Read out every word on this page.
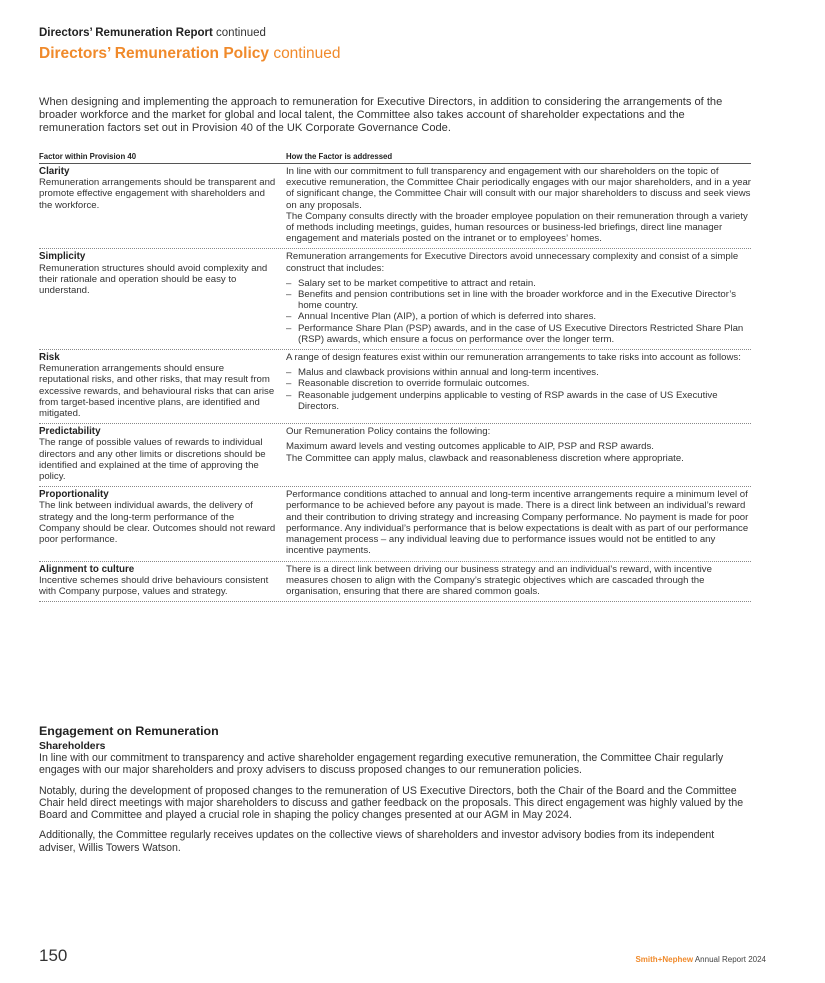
Directors’ Remuneration Report continued
Directors’ Remuneration Policy continued
When designing and implementing the approach to remuneration for Executive Directors, in addition to considering the arrangements of the broader workforce and the market for global and local talent, the Committee also takes account of shareholder expectations and the remuneration factors set out in Provision 40 of the UK Corporate Governance Code.
Factor within Provision 40	How the Factor is addressed
Clarity
Remuneration arrangements should be transparent and promote effective engagement with shareholders and the workforce.

In line with our commitment to full transparency and engagement with our shareholders on the topic of executive remuneration, the Committee Chair periodically engages with our major shareholders, and in a year of significant change, the Committee Chair will consult with our major shareholders to discuss and seek views on any proposals.

The Company consults directly with the broader employee population on their remuneration through a variety of methods including meetings, guides, human resources or business-led briefings, direct line manager engagement and materials posted on the intranet or to employees’ homes.

Simplicity
Remuneration structures should avoid complexity and their rationale and operation should be easy to understand.

Remuneration arrangements for Executive Directors avoid unnecessary complexity and consist of a simple construct that includes:

– Salary set to be market competitive to attract and retain.
– Benefits and pension contributions set in line with the broader workforce and in the Executive Director’s home country.
– Annual Incentive Plan (AIP), a portion of which is deferred into shares.
– Performance Share Plan (PSP) awards, and in the case of US Executive Directors Restricted Share Plan (RSP) awards, which ensure a focus on performance over the longer term.
Risk
Remuneration arrangements should ensure reputational risks, and other risks, that may result from excessive rewards, and behavioural risks that can arise from target-based incentive plans, are identified and mitigated.

A range of design features exist within our remuneration arrangements to take risks into account as follows:

– Malus and clawback provisions within annual and long-term incentives.
– Reasonable discretion to override formulaic outcomes.
– Reasonable judgement underpins applicable to vesting of RSP awards in the case of US Executive Directors.
Predictability
The range of possible values of rewards to individual directors and any other limits or discretions should be identified and explained at the time of approving the policy.

Our Remuneration Policy contains the following:

Maximum award levels and vesting outcomes applicable to AIP, PSP and RSP awards.

The Committee can apply malus, clawback and reasonableness discretion where appropriate.

Proportionality
The link between individual awards, the delivery of strategy and the long-term performance of the Company should be clear. Outcomes should not reward poor performance.

Performance conditions attached to annual and long-term incentive arrangements require a minimum level of performance to be achieved before any payout is made. There is a direct link between an individual’s reward and their contribution to driving strategy and increasing Company performance. No payment is made for poor performance. Any individual’s performance that is below expectations is dealt with as part of our performance management process – any individual leaving due to performance issues would not be entitled to any incentive payments.

Alignment to culture
Incentive schemes should drive behaviours consistent with Company purpose, values and strategy.

There is a direct link between driving our business strategy and an individual’s reward, with incentive measures chosen to align with the Company’s strategic objectives which are cascaded through the organisation, ensuring that there are shared common goals.

Engagement on Remuneration
Shareholders

In line with our commitment to transparency and active shareholder engagement regarding executive remuneration, the Committee Chair regularly engages with our major shareholders and proxy advisers to discuss proposed changes to our remuneration policies.

Notably, during the development of proposed changes to the remuneration of US Executive Directors, both the Chair of the Board and the Committee Chair held direct meetings with major shareholders to discuss and gather feedback on the proposals. This direct engagement was highly valued by the Board and Committee and played a crucial role in shaping the policy changes presented at our AGM in May 2024.

Additionally, the Committee regularly receives updates on the collective views of shareholders and investor advisory bodies from its independent adviser, Willis Towers Watson.

150	Smith+Nephew Annual Report 2024
